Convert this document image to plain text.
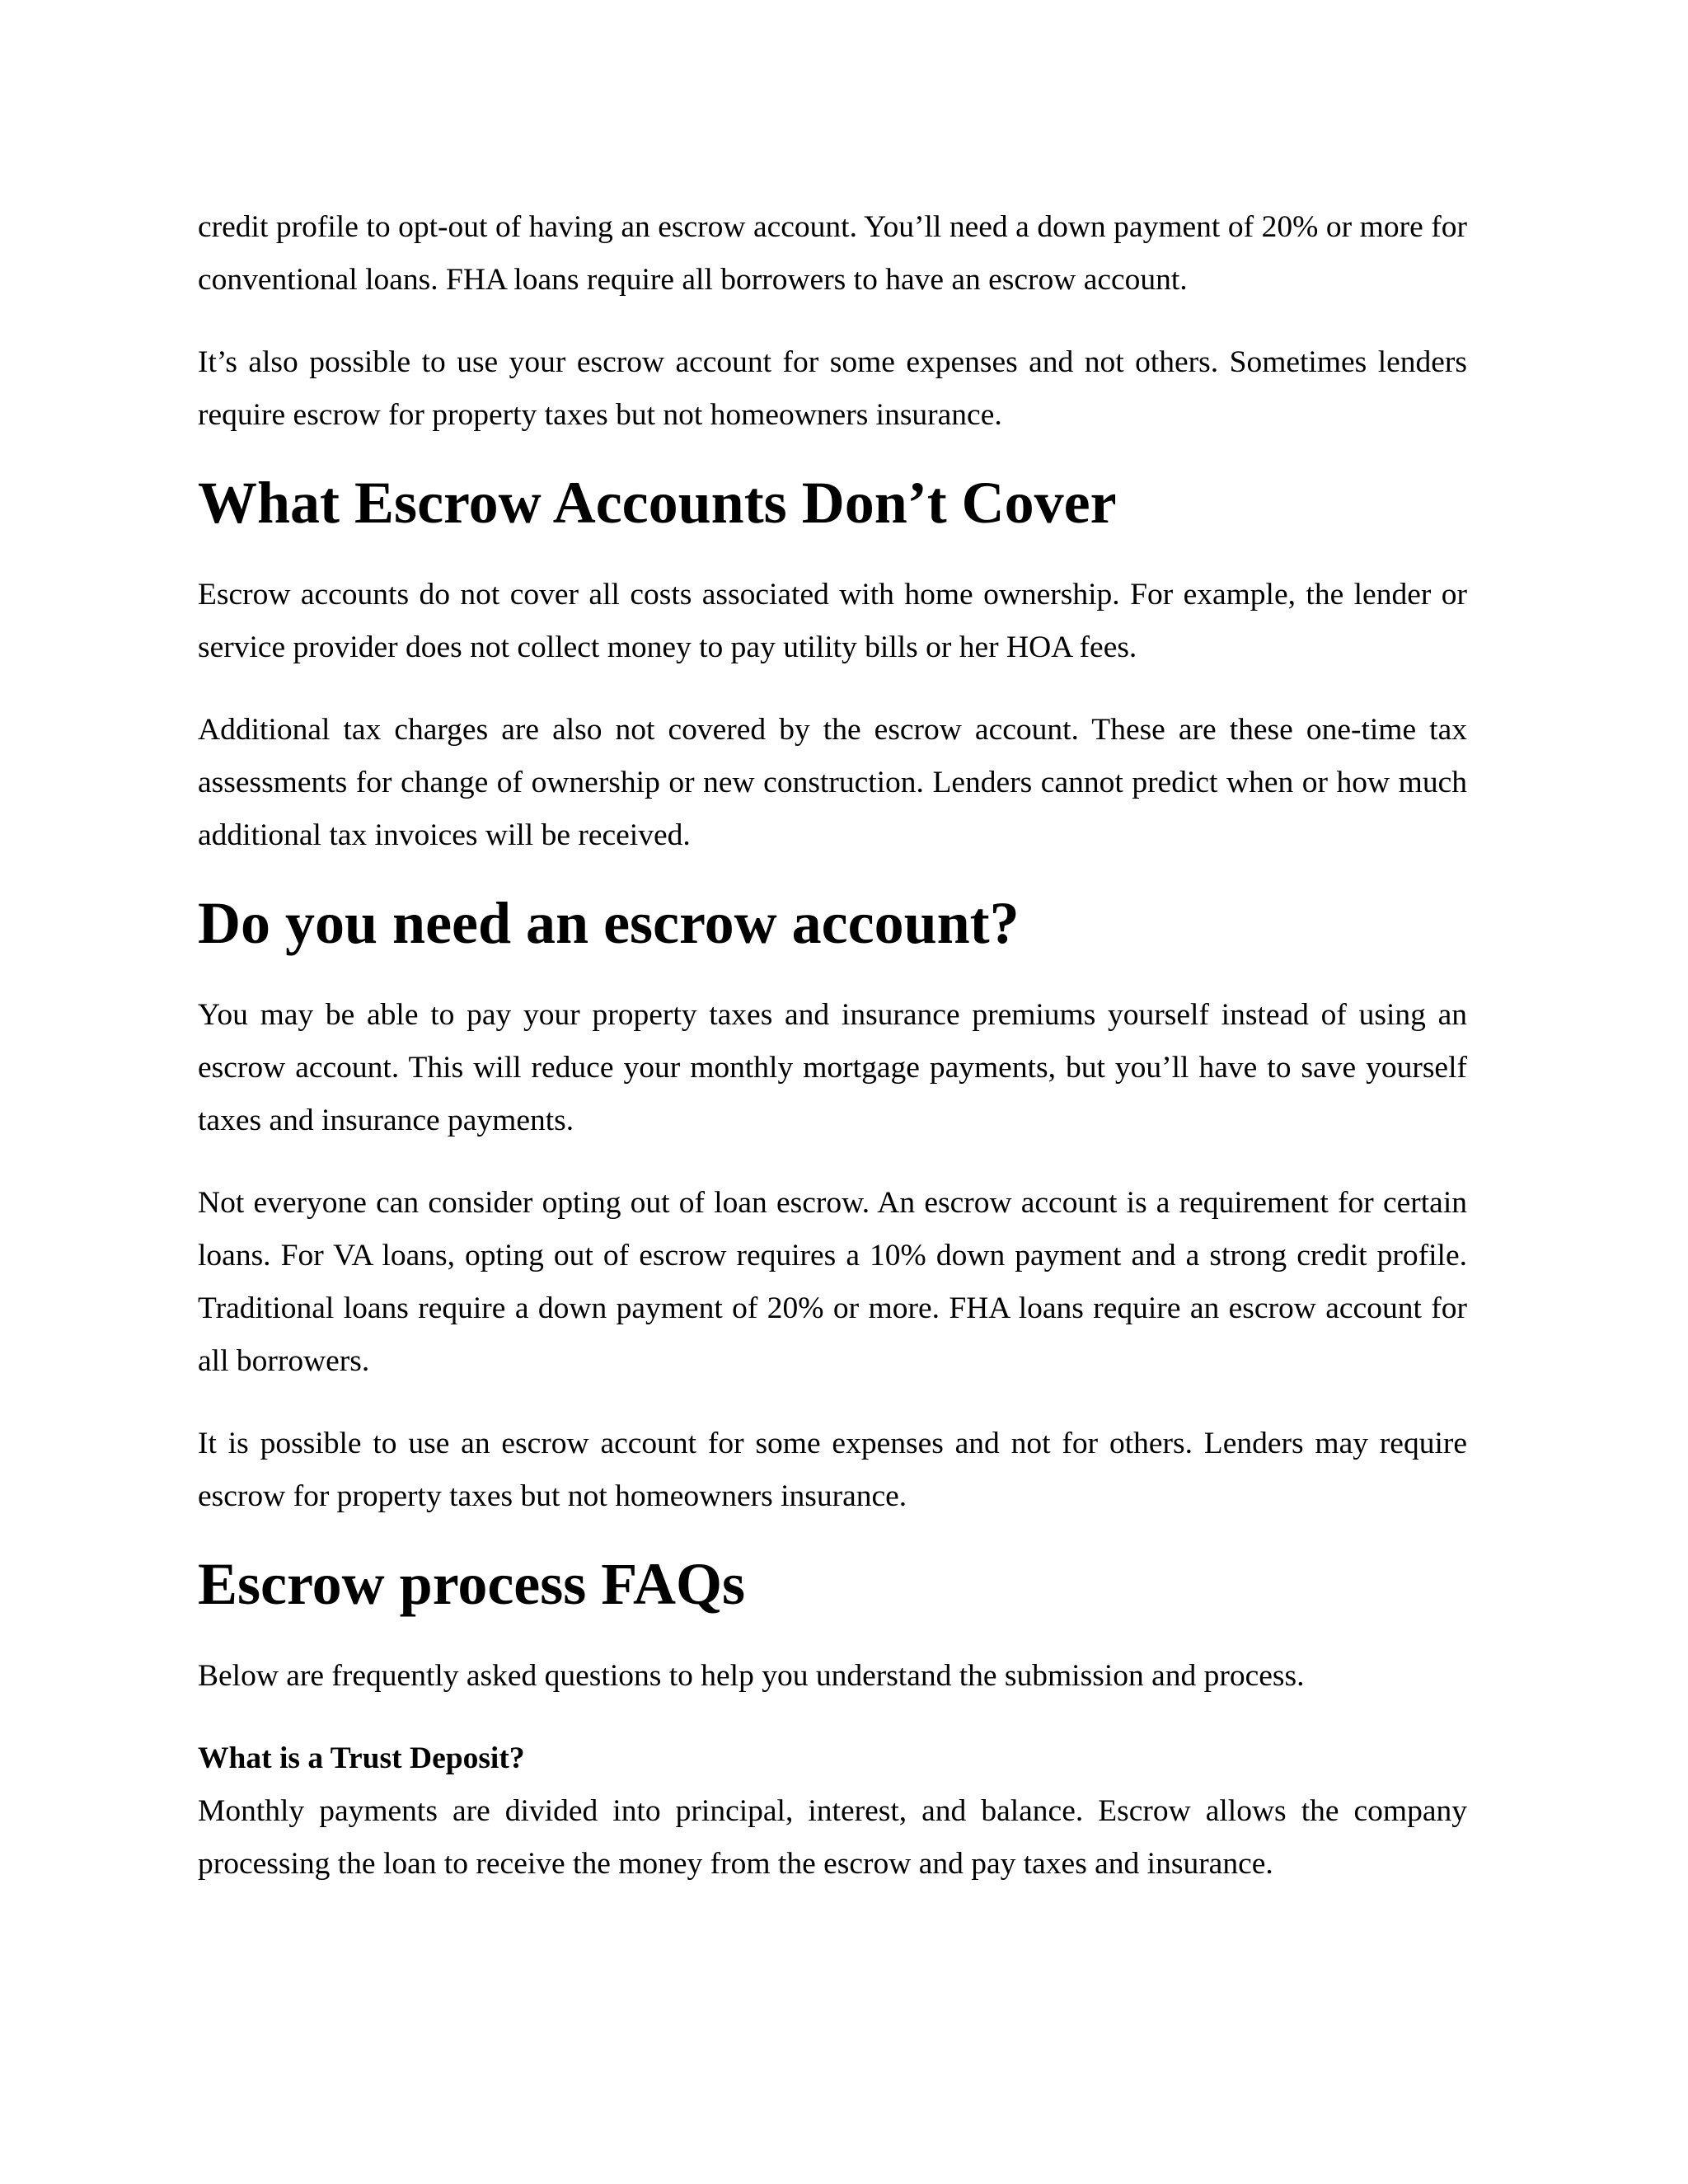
credit profile to opt-out of having an escrow account. You’ll need a down payment of 20% or more for conventional loans. FHA loans require all borrowers to have an escrow account.

It’s also possible to use your escrow account for some expenses and not others. Sometimes lenders require escrow for property taxes but not homeowners insurance.

What Escrow Accounts Don’t Cover

Escrow accounts do not cover all costs associated with home ownership. For example, the lender or service provider does not collect money to pay utility bills or her HOA fees.

Additional tax charges are also not covered by the escrow account. These are these one-time tax assessments for change of ownership or new construction. Lenders cannot predict when or how much additional tax invoices will be received.

Do you need an escrow account?

You may be able to pay your property taxes and insurance premiums yourself instead of using an escrow account. This will reduce your monthly mortgage payments, but you’ll have to save yourself taxes and insurance payments.

Not everyone can consider opting out of loan escrow. An escrow account is a requirement for certain loans. For VA loans, opting out of escrow requires a 10% down payment and a strong credit profile. Traditional loans require a down payment of 20% or more. FHA loans require an escrow account for all borrowers.

It is possible to use an escrow account for some expenses and not for others. Lenders may require escrow for property taxes but not homeowners insurance.

Escrow process FAQs

Below are frequently asked questions to help you understand the submission and process.

What is a Trust Deposit?

Monthly payments are divided into principal, interest, and balance. Escrow allows the company processing the loan to receive the money from the escrow and pay taxes and insurance.
